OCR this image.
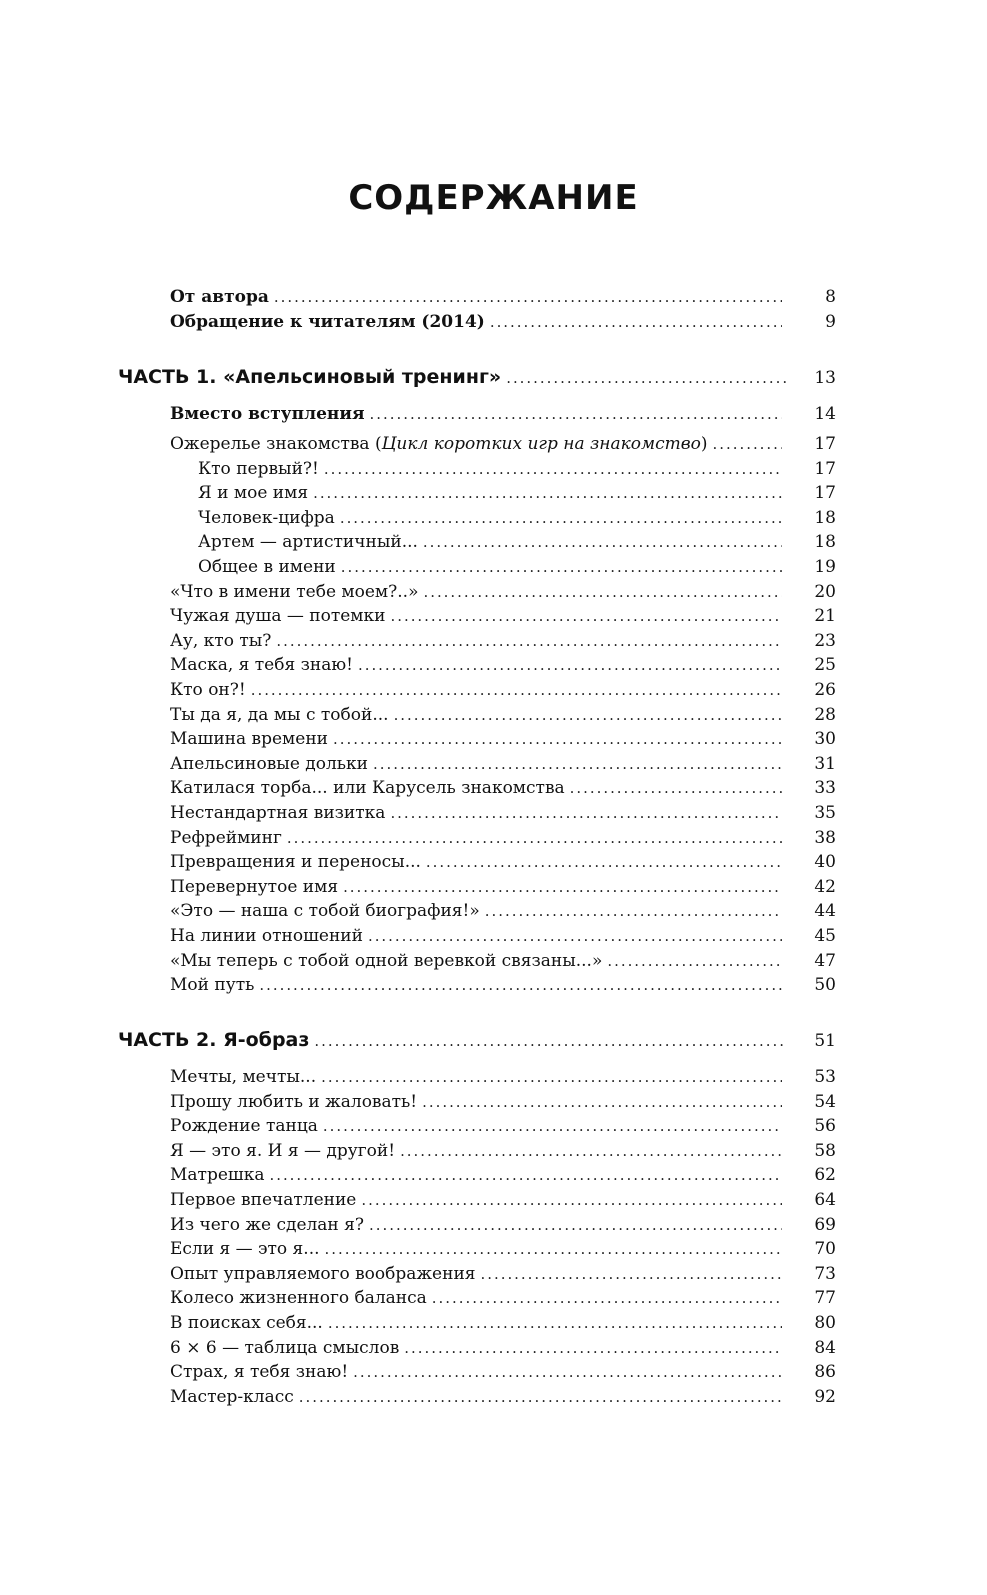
СОДЕРЖАНИЕ
От автора . . .	8
Обращение к читателям (2014) . . .	9
ЧАСТЬ 1. «Апельсиновый тренинг» . . .	13
Вместо вступления . . .	14
Ожерелье знакомства (Цикл коротких игр на знакомство) . . .	17
Кто первый?! . . .	17
Я и мое имя . . .	17
Человек-цифра . . .	18
Артем — артистичный... . . .	18
Общее в имени . . .	19
«Что в имени тебе моем?..» . . .	20
Чужая душа — потемки . . .	21
Ау, кто ты? . . .	23
Маска, я тебя знаю! . . .	25
Кто он?! . . .	26
Ты да я, да мы с тобой... . . .	28
Машина времени . . .	30
Апельсиновые дольки . . .	31
Катилася торба... или Карусель знакомства . . .	33
Нестандартная визитка . . .	35
Рефрейминг . . .	38
Превращения и переносы... . . .	40
Перевернутое имя . . .	42
«Это — наша с тобой биография!» . . .	44
На линии отношений . . .	45
«Мы теперь с тобой одной веревкой связаны...» . . .	47
Мой путь . . .	50
ЧАСТЬ 2. Я-образ . . .	51
Мечты, мечты... . . .	53
Прошу любить и жаловать! . . .	54
Рождение танца . . .	56
Я — это я. И я — другой! . . .	58
Матрешка . . .	62
Первое впечатление . . .	64
Из чего же сделан я? . . .	69
Если я — это я... . . .	70
Опыт управляемого воображения . . .	73
Колесо жизненного баланса . . .	77
В поисках себя... . . .	80
6 × 6 — таблица смыслов . . .	84
Страх, я тебя знаю! . . .	86
Мастер-класс . . .	92
